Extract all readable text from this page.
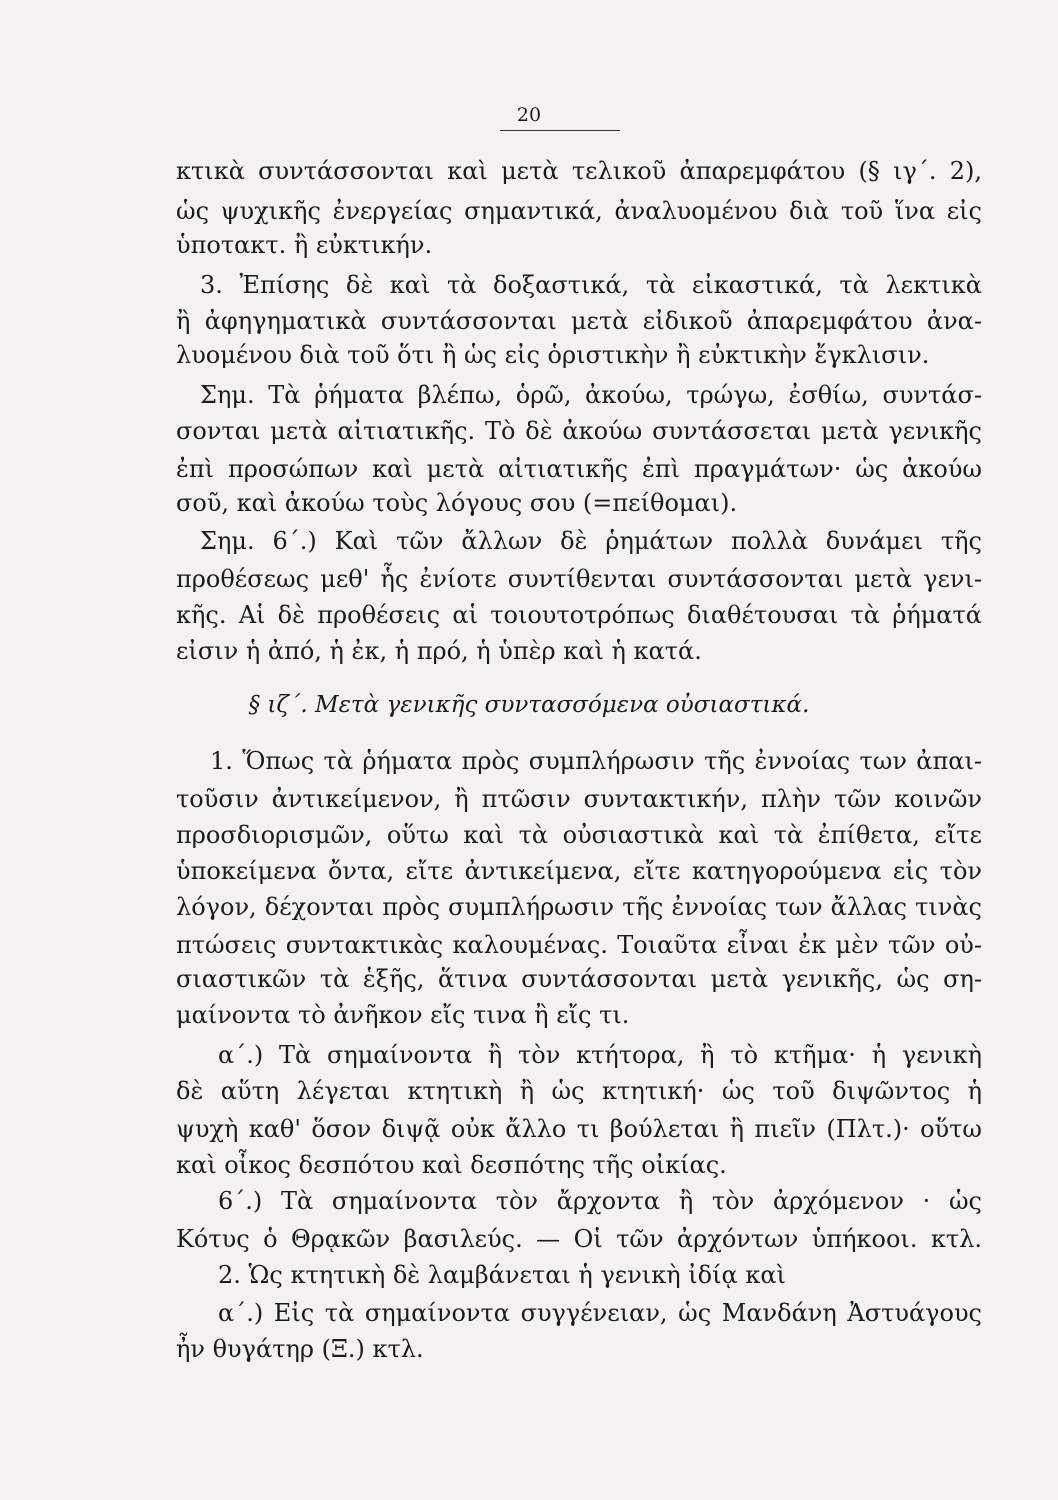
20
κτικὰ συντάσσονται καὶ μετὰ τελικοῦ ἀπαρεμφάτου (§ ιγ΄. 2),
ὡς ψυχικῆς ἐνεργείας σημαντικά, ἀναλυομένου διὰ τοῦ ἵνα εἰς
ὑποτακτ. ἢ εὐκτικήν.
3. Ἐπίσης δὲ καὶ τὰ δοξαστικά, τὰ εἰκαστικά, τὰ λεκτικὰ
ἢ ἀφηγηματικὰ συντάσσονται μετὰ εἰδικοῦ ἀπαρεμφάτου ἀνα-
λυομένου διὰ τοῦ ὅτι ἢ ὡς εἰς ὁριστικὴν ἢ εὐκτικὴν ἔγκλισιν.
Σημ. Τὰ ῥήματα βλέπω, ὁρῶ, ἀκούω, τρώγω, ἐσθίω, συντάσ-
σονται μετὰ αἰτιατικῆς. Τὸ δὲ ἀκούω συντάσσεται μετὰ γενικῆς
ἐπὶ προσώπων καὶ μετὰ αἰτιατικῆς ἐπὶ πραγμάτων· ὡς ἀκούω
σοῦ, καὶ ἀκούω τοὺς λόγους σου (=πείθομαι).
Σημ. 6΄.) Καὶ τῶν ἄλλων δὲ ῥημάτων πολλὰ δυνάμει τῆς
προθέσεως μεθ' ἧς ἐνίοτε συντίθενται συντάσσονται μετὰ γενι-
κῆς. Αἱ δὲ προθέσεις αἱ τοιουτοτρόπως διαθέτουσαι τὰ ῥήματά
εἰσιν ἡ ἀπό, ἡ ἐκ, ἡ πρό, ἡ ὑπὲρ καὶ ἡ κατά.
§ ιζ΄. Μετὰ γενικῆς συντασσόμενα οὐσιαστικά.
1. Ὅπως τὰ ῥήματα πρὸς συμπλήρωσιν τῆς ἐννοίας των ἀπαι-
τοῦσιν ἀντικείμενον, ἢ πτῶσιν συντακτικήν, πλὴν τῶν κοινῶν
προσδιορισμῶν, οὕτω καὶ τὰ οὐσιαστικὰ καὶ τὰ ἐπίθετα, εἴτε
ὑποκείμενα ὄντα, εἴτε ἀντικείμενα, εἴτε κατηγορούμενα εἰς τὸν
λόγον, δέχονται πρὸς συμπλήρωσιν τῆς ἐννοίας των ἄλλας τινὰς
πτώσεις συντακτικὰς καλουμένας. Τοιαῦτα εἶναι ἐκ μὲν τῶν οὐ-
σιαστικῶν τὰ ἑξῆς, ἅτινα συντάσσονται μετὰ γενικῆς, ὡς ση-
μαίνοντα τὸ ἀνῆκον εἴς τινα ἢ εἴς τι.
α΄.) Τὰ σημαίνοντα ἢ τὸν κτήτορα, ἢ τὸ κτῆμα· ἡ γενικὴ
δὲ αὕτη λέγεται κτητικὴ ἢ ὡς κτητική· ὡς τοῦ διψῶντος ἡ
ψυχὴ καθ' ὅσον διψᾷ οὐκ ἄλλο τι βούλεται ἢ πιεῖν (Πλτ.)· οὕτω
καὶ οἶκος δεσπότου καὶ δεσπότης τῆς οἰκίας.
6΄.) Τὰ σημαίνοντα τὸν ἄρχοντα ἢ τὸν ἀρχόμενον · ὡς
Κότυς ὁ Θρᾳκῶν βασιλεύς. — Οἱ τῶν ἀρχόντων ὑπήκοοι. κτλ.
2. Ὡς κτητικὴ δὲ λαμβάνεται ἡ γενικὴ ἰδίᾳ καὶ
α΄.) Εἰς τὰ σημαίνοντα συγγένειαν, ὡς Μανδάνη Ἀστυάγους
ἦν θυγάτηρ (Ξ.) κτλ.
